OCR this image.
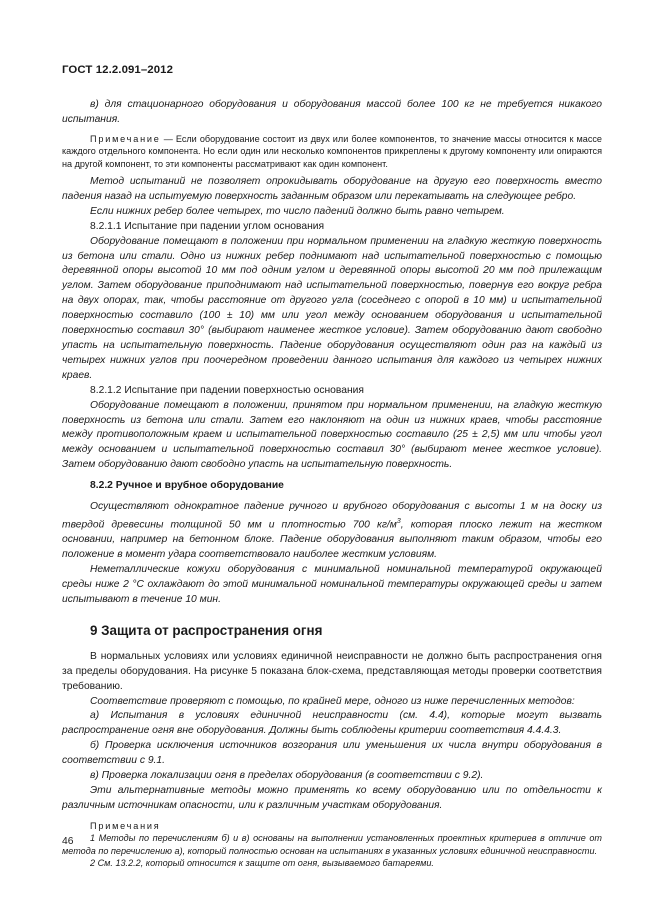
ГОСТ 12.2.091–2012

в) для стационарного оборудования и оборудования массой более 100 кг не требуется никакого испытания.

Примечание — Если оборудование состоит из двух или более компонентов, то значение массы относится к массе каждого отдельного компонента. Но если один или несколько компонентов прикреплены к другому компоненту или опираются на другой компонент, то эти компоненты рассматривают как один компонент.

Метод испытаний не позволяет опрокидывать оборудование на другую его поверхность вместо падения назад на испытуемую поверхность заданным образом или перекатывать на следующее ребро.

Если нижних ребер более четырех, то число падений должно быть равно четырем.

8.2.1.1 Испытание при падении углом основания

Оборудование помещают в положении при нормальном применении на гладкую жесткую поверхность из бетона или стали. Одно из нижних ребер поднимают над испытательной поверхностью с помощью деревянной опоры высотой 10 мм под одним углом и деревянной опоры высотой 20 мм под прилежащим углом. Затем оборудование приподнимают над испытательной поверхностью, повернув его вокруг ребра на двух опорах, так, чтобы расстояние от другого угла (соседнего с опорой в 10 мм) и испытательной поверхностью составило (100 ± 10) мм или угол между основанием оборудования и испытательной поверхностью составил 30° (выбирают наименее жесткое условие). Затем оборудованию дают свободно упасть на испытательную поверхность. Падение оборудования осуществляют один раз на каждый из четырех нижних углов при поочередном проведении данного испытания для каждого из четырех нижних краев.

8.2.1.2 Испытание при падении поверхностью основания

Оборудование помещают в положении, принятом при нормальном применении, на гладкую жесткую поверхность из бетона или стали. Затем его наклоняют на один из нижних краев, чтобы расстояние между противоположным краем и испытательной поверхностью составило (25 ± 2,5) мм или чтобы угол между основанием и испытательной поверхностью составил 30° (выбирают менее жесткое условие). Затем оборудованию дают свободно упасть на испытательную поверхность.

8.2.2 Ручное и врубное оборудование

Осуществляют однократное падение ручного и врубного оборудования с высоты 1 м на доску из твердой древесины толщиной 50 мм и плотностью 700 $кг/м^3$, которая плоско лежит на жестком основании, например на бетонном блоке. Падение оборудования выполняют таким образом, чтобы его положение в момент удара соответствовало наиболее жестким условиям.

Неметаллические кожухи оборудования с минимальной номинальной температурой окружающей среды ниже 2 °С охлаждают до этой минимальной номинальной температуры окружающей среды и затем испытывают в течение 10 мин.

9 Защита от распространения огня

В нормальных условиях или условиях единичной неисправности не должно быть распространения огня за пределы оборудования. На рисунке 5 показана блок-схема, представляющая методы проверки соответствия требованию.

Соответствие проверяют с помощью, по крайней мере, одного из ниже перечисленных методов:

а) Испытания в условиях единичной неисправности (см. 4.4), которые могут вызвать распространение огня вне оборудования. Должны быть соблюдены критерии соответствия 4.4.4.3.

б) Проверка исключения источников возгорания или уменьшения их числа внутри оборудования в соответствии с 9.1.

в) Проверка локализации огня в пределах оборудования (в соответствии с 9.2).

Эти альтернативные методы можно применять ко всему оборудованию или по отдельности к различным источникам опасности, или к различным участкам оборудования.

Примечания

1 Методы по перечислениям б) и в) основаны на выполнении установленных проектных критериев в отличие от метода по перечислению а), который полностью основан на испытаниях в указанных условиях единичной неисправности.

2 См. 13.2.2, который относится к защите от огня, вызываемого батареями.

46
